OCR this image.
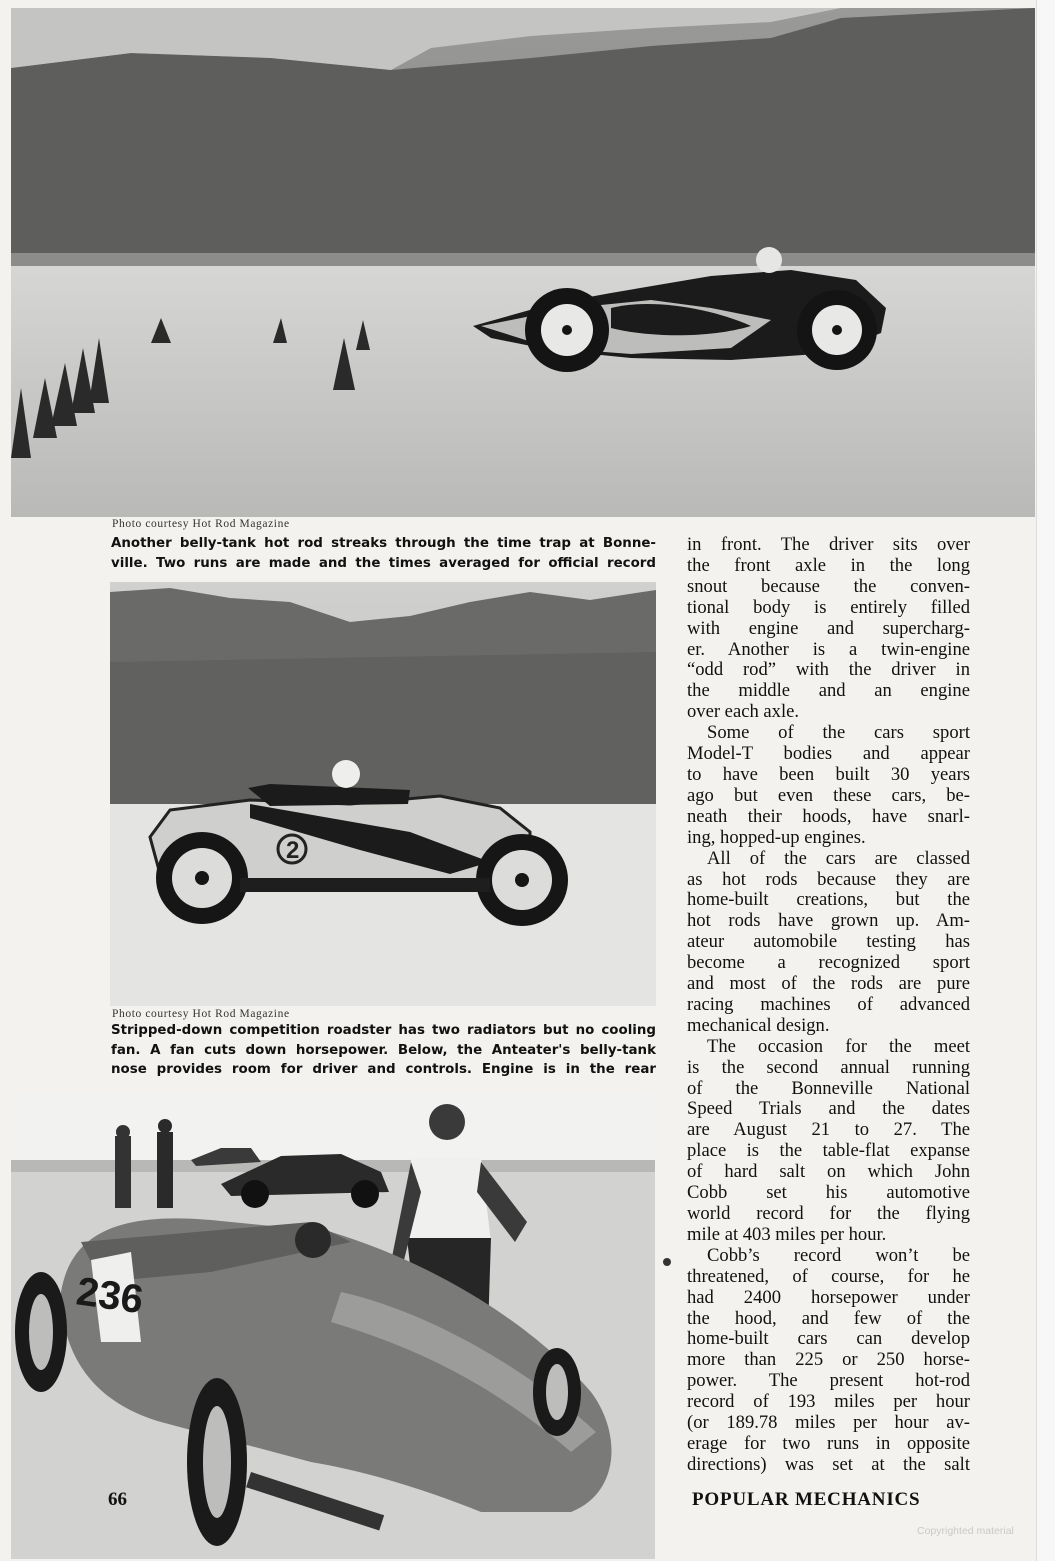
Photo courtesy Hot Rod Magazine
Another belly-tank hot rod streaks through the time trap at Bonne-
ville. Two runs are made and the times averaged for official record
2
Photo courtesy Hot Rod Magazine
Stripped-down competition roadster has two radiators but no cooling
fan. A fan cuts down horsepower. Below, the Anteater's belly-tank
nose provides room for driver and controls. Engine is in the rear
236
in front. The driver sits over
the front axle in the long
snout because the conven-
tional body is entirely filled
with engine and supercharg-
er. Another is a twin-engine
“odd rod” with the driver in
the middle and an engine
over each axle.
Some of the cars sport
Model-T bodies and appear
to have been built 30 years
ago but even these cars, be-
neath their hoods, have snarl-
ing, hopped-up engines.
All of the cars are classed
as hot rods because they are
home-built creations, but the
hot rods have grown up. Am-
ateur automobile testing has
become a recognized sport
and most of the rods are pure
racing machines of advanced
mechanical design.
The occasion for the meet
is the second annual running
of the Bonneville National
Speed Trials and the dates
are August 21 to 27. The
place is the table-flat expanse
of hard salt on which John
Cobb set his automotive
world record for the flying
mile at 403 miles per hour.
Cobb’s record won’t be
threatened, of course, for he
had 2400 horsepower under
the hood, and few of the
home-built cars can develop
more than 225 or 250 horse-
power. The present hot-rod
record of 193 miles per hour
(or 189.78 miles per hour av-
erage for two runs in opposite
directions) was set at the salt
66	POPULAR MECHANICS
Copyrighted material
